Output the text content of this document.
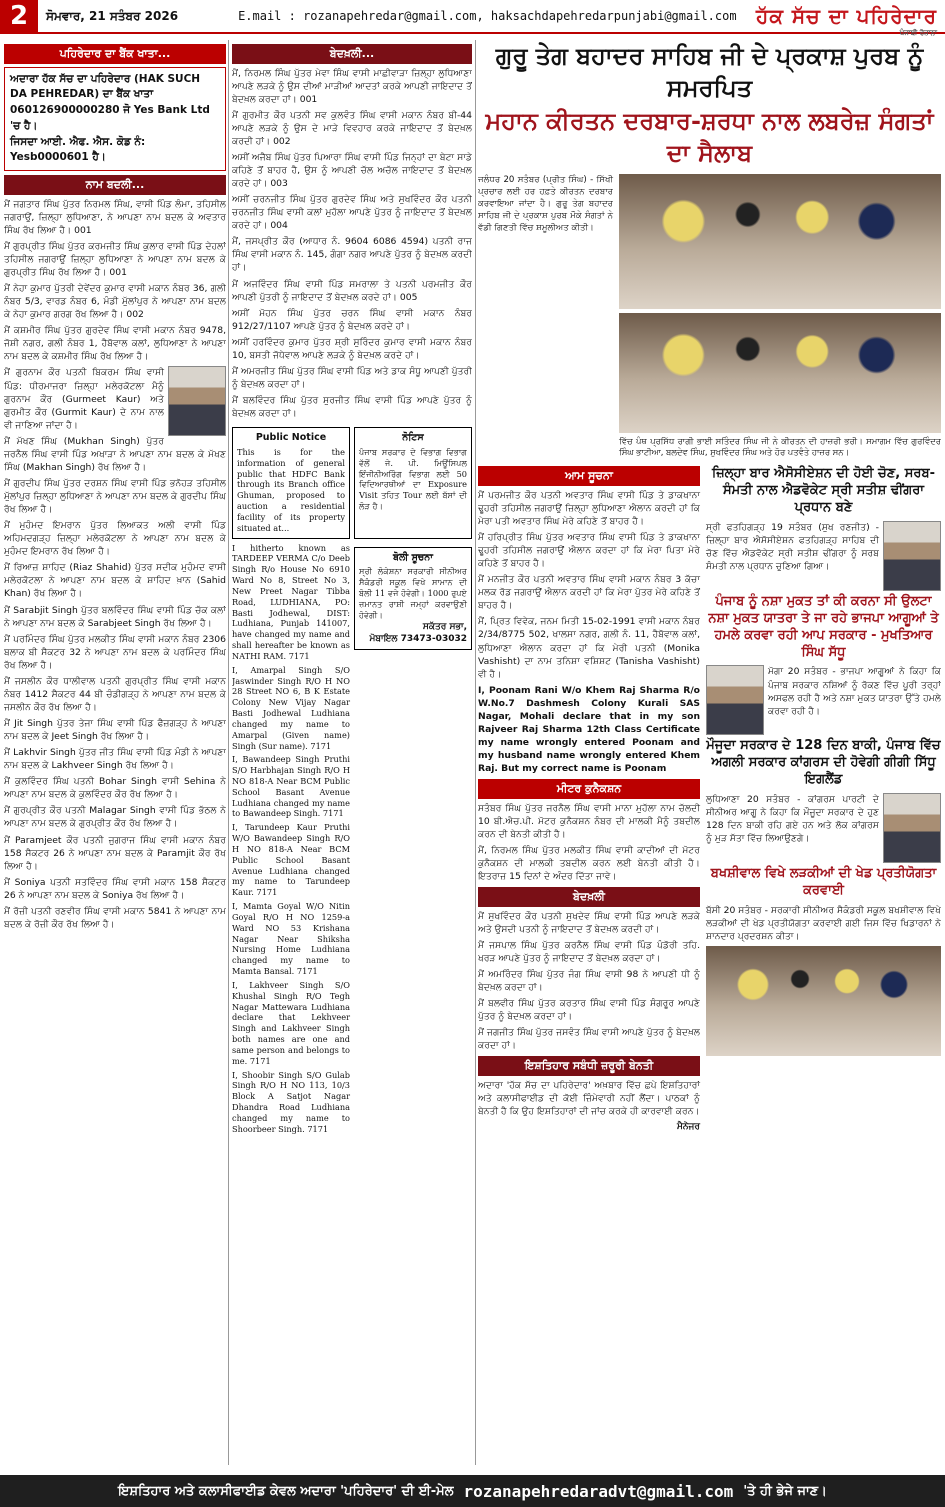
2	ਸੋਮਵਾਰ, 21 ਸਤੰਬਰ 2026	E.mail : rozanapehredar@gmail.com, haksachdapehredarpunjabi@gmail.com ਹੱਕ ਸੱਚ ਦਾ ਪਹਿਰੇਦਾਰ
ਪੰਜਾਬੀ ਰੋਜ਼ਾਨਾ
ਪਹਿਰੇਦਾਰ ਦਾ ਬੈਂਕ ਖਾਤਾ...
ਅਦਾਰਾ ਹੱਕ ਸੱਚ ਦਾ ਪਹਿਰੇਦਾਰ (HAK SUCH DA PEHREDAR) ਦਾ ਬੈਂਕ ਖਾਤਾ
060126900000280 ਜੋ Yes Bank Ltd 'ਚ ਹੈ।
ਜਿਸਦਾ ਆਈ. ਐਫ. ਐਸ. ਕੋਡ ਨੰ: Yesb0000601 ਹੈ।
ਨਾਮ ਬਦਲੀ...

ਮੈਂ ਜਗਤਾਰ ਸਿੰਘ ਪੁੱਤਰ ਨਿਰਮਲ ਸਿੰਘ, ਵਾਸੀ ਪਿੰਡ ਲੰਮਾ, ਤਹਿਸੀਲ ਜਗਰਾਉਂ, ਜ਼ਿਲ੍ਹਾ ਲੁਧਿਆਣਾ, ਨੇ ਆਪਣਾ ਨਾਮ ਬਦਲ ਕੇ ਅਵਤਾਰ ਸਿੰਘ ਰੱਖ ਲਿਆ ਹੈ। 001

ਮੈਂ ਗੁਰਪ੍ਰੀਤ ਸਿੰਘ ਪੁੱਤਰ ਕਰਮਜੀਤ ਸਿੰਘ ਕੁਲਾਰ ਵਾਸੀ ਪਿੰਡ ਦੇਹਲਾਂ ਤਹਿਸੀਲ ਜਗਰਾਉਂ ਜ਼ਿਲ੍ਹਾ ਲੁਧਿਆਣਾ ਨੇ ਆਪਣਾ ਨਾਮ ਬਦਲ ਕੇ ਗੁਰਪ੍ਰੀਤ ਸਿੰਘ ਰੱਖ ਲਿਆ ਹੈ। 001

ਮੈਂ ਨੇਹਾ ਕੁਮਾਰ ਪੁੱਤਰੀ ਦੇਵੇਂਦਰ ਕੁਮਾਰ ਵਾਸੀ ਮਕਾਨ ਨੰਬਰ 36, ਗਲੀ ਨੰਬਰ 5/3, ਵਾਰਡ ਨੰਬਰ 6, ਮੰਡੀ ਮੁੱਲਾਂਪੁਰ ਨੇ ਆਪਣਾ ਨਾਮ ਬਦਲ ਕੇ ਨੇਹਾ ਕੁਮਾਰ ਗਰਗ ਰੱਖ ਲਿਆ ਹੈ। 002

ਮੈਂ ਕਸ਼ਮੀਰ ਸਿੰਘ ਪੁੱਤਰ ਗੁਰਦੇਵ ਸਿੰਘ ਵਾਸੀ ਮਕਾਨ ਨੰਬਰ 9478, ਜੋਸ਼ੀ ਨਗਰ, ਗਲੀ ਨੰਬਰ 1, ਹੈਬੋਵਾਲ ਕਲਾਂ, ਲੁਧਿਆਣਾ ਨੇ ਆਪਣਾ ਨਾਮ ਬਦਲ ਕੇ ਕਸ਼ਮੀਰ ਸਿੰਘ ਰੱਖ ਲਿਆ ਹੈ।

ਮੈਂ ਗੁਰਨਾਮ ਕੌਰ ਪਤਨੀ ਬਿਕਰਮ ਸਿੰਘ ਵਾਸੀ ਪਿੰਡ: ਧੀਰਮਾਜਰਾ ਜ਼ਿਲ੍ਹਾ ਮਲੇਰਕੋਟਲਾ ਮੈਨੂੰ ਗੁਰਨਾਮ ਕੌਰ (Gurmeet Kaur) ਅਤੇ ਗੁਰਮੀਤ ਕੌਰ (Gurmit Kaur) ਦੇ ਨਾਮ ਨਾਲ ਵੀ ਜਾਣਿਆ ਜਾਂਦਾ ਹੈ।

ਮੈਂ ਮੱਖਣ ਸਿੰਘ (Mukhan Singh) ਪੁੱਤਰ ਜਰਨੈਲ ਸਿੰਘ ਵਾਸੀ ਪਿੰਡ ਅਖਾੜਾ ਨੇ ਆਪਣਾ ਨਾਮ ਬਦਲ ਕੇ ਮੱਖਣ ਸਿੰਘ (Makhan Singh) ਰੱਖ ਲਿਆ ਹੈ।

ਮੈਂ ਗੁਰਦੀਪ ਸਿੰਘ ਪੁੱਤਰ ਦਰਸ਼ਨ ਸਿੰਘ ਵਾਸੀ ਪਿੰਡ ਭਨੋਹੜ ਤਹਿਸੀਲ ਮੁੱਲਾਂਪੁਰ ਜ਼ਿਲ੍ਹਾ ਲੁਧਿਆਣਾ ਨੇ ਆਪਣਾ ਨਾਮ ਬਦਲ ਕੇ ਗੁਰਦੀਪ ਸਿੰਘ ਰੱਖ ਲਿਆ ਹੈ।

ਮੈਂ ਮੁਹੰਮਦ ਇਮਰਾਨ ਪੁੱਤਰ ਲਿਆਕਤ ਅਲੀ ਵਾਸੀ ਪਿੰਡ ਅਹਿਮਦਗੜ੍ਹ ਜ਼ਿਲ੍ਹਾ ਮਲੇਰਕੋਟਲਾ ਨੇ ਆਪਣਾ ਨਾਮ ਬਦਲ ਕੇ ਮੁਹੰਮਦ ਇਮਰਾਨ ਰੱਖ ਲਿਆ ਹੈ।

ਮੈਂ ਰਿਆਜ਼ ਸ਼ਾਹਿਦ (Riaz Shahid) ਪੁੱਤਰ ਸਦੀਕ ਮੁਹੰਮਦ ਵਾਸੀ ਮਲੇਰਕੋਟਲਾ ਨੇ ਆਪਣਾ ਨਾਮ ਬਦਲ ਕੇ ਸ਼ਾਹਿਦ ਖ਼ਾਨ (Sahid Khan) ਰੱਖ ਲਿਆ ਹੈ।

ਮੈਂ Sarabjit Singh ਪੁੱਤਰ ਬਲਵਿੰਦਰ ਸਿੰਘ ਵਾਸੀ ਪਿੰਡ ਚੱਕ ਕਲਾਂ ਨੇ ਆਪਣਾ ਨਾਮ ਬਦਲ ਕੇ Sarabjeet Singh ਰੱਖ ਲਿਆ ਹੈ।

ਮੈਂ ਪਰਮਿੰਦਰ ਸਿੰਘ ਪੁੱਤਰ ਮਲਕੀਤ ਸਿੰਘ ਵਾਸੀ ਮਕਾਨ ਨੰਬਰ 2306 ਬਲਾਕ ਬੀ ਸੈਕਟਰ 32 ਨੇ ਆਪਣਾ ਨਾਮ ਬਦਲ ਕੇ ਪਰਮਿੰਦਰ ਸਿੰਘ ਰੱਖ ਲਿਆ ਹੈ।

ਮੈਂ ਜਸਲੀਨ ਕੌਰ ਧਾਲੀਵਾਲ ਪਤਨੀ ਗੁਰਪ੍ਰੀਤ ਸਿੰਘ ਵਾਸੀ ਮਕਾਨ ਨੰਬਰ 1412 ਸੈਕਟਰ 44 ਬੀ ਚੰਡੀਗੜ੍ਹ ਨੇ ਆਪਣਾ ਨਾਮ ਬਦਲ ਕੇ ਜਸਲੀਨ ਕੌਰ ਰੱਖ ਲਿਆ ਹੈ।

ਮੈਂ Jit Singh ਪੁੱਤਰ ਤੇਜਾ ਸਿੰਘ ਵਾਸੀ ਪਿੰਡ ਫੈਜ਼ਗੜ੍ਹ ਨੇ ਆਪਣਾ ਨਾਮ ਬਦਲ ਕੇ Jeet Singh ਰੱਖ ਲਿਆ ਹੈ।

ਮੈਂ Lakhvir Singh ਪੁੱਤਰ ਜੀਤ ਸਿੰਘ ਵਾਸੀ ਪਿੰਡ ਮੰਡੀ ਨੇ ਆਪਣਾ ਨਾਮ ਬਦਲ ਕੇ Lakhveer Singh ਰੱਖ ਲਿਆ ਹੈ।

ਮੈਂ ਕੁਲਵਿੰਦਰ ਸਿੰਘ ਪਤਨੀ Bohar Singh ਵਾਸੀ Sehina ਨੇ ਆਪਣਾ ਨਾਮ ਬਦਲ ਕੇ ਕੁਲਵਿੰਦਰ ਕੌਰ ਰੱਖ ਲਿਆ ਹੈ।

ਮੈਂ ਗੁਰਪ੍ਰੀਤ ਕੌਰ ਪਤਨੀ Malagar Singh ਵਾਸੀ ਪਿੰਡ ਭੱਠਲ ਨੇ ਆਪਣਾ ਨਾਮ ਬਦਲ ਕੇ ਗੁਰਪ੍ਰੀਤ ਕੌਰ ਰੱਖ ਲਿਆ ਹੈ।

ਮੈਂ Paramjeet ਕੌਰ ਪਤਨੀ ਜੁਗਰਾਜ ਸਿੰਘ ਵਾਸੀ ਮਕਾਨ ਨੰਬਰ 158 ਸੈਕਟਰ 26 ਨੇ ਆਪਣਾ ਨਾਮ ਬਦਲ ਕੇ Paramjit ਕੌਰ ਰੱਖ ਲਿਆ ਹੈ।

ਮੈਂ Soniya ਪਤਨੀ ਸਤਵਿੰਦਰ ਸਿੰਘ ਵਾਸੀ ਮਕਾਨ 158 ਸੈਕਟਰ 26 ਨੇ ਆਪਣਾ ਨਾਮ ਬਦਲ ਕੇ Soniya ਰੱਖ ਲਿਆ ਹੈ।

ਮੈਂ ਰੋਜ਼ੀ ਪਤਨੀ ਰਣਵੀਰ ਸਿੰਘ ਵਾਸੀ ਮਕਾਨ 5841 ਨੇ ਆਪਣਾ ਨਾਮ ਬਦਲ ਕੇ ਰੋਜ਼ੀ ਕੌਰ ਰੱਖ ਲਿਆ ਹੈ।

ਬੇਦਖ਼ਲੀ...

ਮੈਂ, ਨਿਰਮਲ ਸਿੰਘ ਪੁੱਤਰ ਮੇਵਾ ਸਿੰਘ ਵਾਸੀ ਮਾਛੀਵਾੜਾ ਜ਼ਿਲ੍ਹਾ ਲੁਧਿਆਣਾ ਆਪਣੇ ਲੜਕੇ ਨੂੰ ਉਸ ਦੀਆਂ ਮਾੜੀਆਂ ਆਦਤਾਂ ਕਰਕੇ ਆਪਣੀ ਜਾਇਦਾਦ ਤੋਂ ਬੇਦਖ਼ਲ ਕਰਦਾ ਹਾਂ। 001

ਮੈਂ ਗੁਰਮੀਤ ਕੌਰ ਪਤਨੀ ਸਵ ਕੁਲਵੰਤ ਸਿੰਘ ਵਾਸੀ ਮਕਾਨ ਨੰਬਰ ਬੀ-44 ਆਪਣੇ ਲੜਕੇ ਨੂੰ ਉਸ ਦੇ ਮਾੜੇ ਵਿਵਹਾਰ ਕਰਕੇ ਜਾਇਦਾਦ ਤੋਂ ਬੇਦਖ਼ਲ ਕਰਦੀ ਹਾਂ। 002

ਅਸੀਂ ਅਜੈਬ ਸਿੰਘ ਪੁੱਤਰ ਪਿਆਰਾ ਸਿੰਘ ਵਾਸੀ ਪਿੰਡ ਜਿਨ੍ਹਾਂ ਦਾ ਬੇਟਾ ਸਾਡੇ ਕਹਿਣੇ ਤੋਂ ਬਾਹਰ ਹੈ, ਉਸ ਨੂੰ ਆਪਣੀ ਚੱਲ ਅਚੱਲ ਜਾਇਦਾਦ ਤੋਂ ਬੇਦਖ਼ਲ ਕਰਦੇ ਹਾਂ। 003

ਅਸੀਂ ਚਰਨਜੀਤ ਸਿੰਘ ਪੁੱਤਰ ਗੁਰਦੇਵ ਸਿੰਘ ਅਤੇ ਸੁਖਵਿੰਦਰ ਕੌਰ ਪਤਨੀ ਚਰਨਜੀਤ ਸਿੰਘ ਵਾਸੀ ਕਲਾਂ ਮੁਹੱਲਾ ਆਪਣੇ ਪੁੱਤਰ ਨੂੰ ਜਾਇਦਾਦ ਤੋਂ ਬੇਦਖ਼ਲ ਕਰਦੇ ਹਾਂ। 004

ਮੈਂ, ਜਸਪ੍ਰੀਤ ਕੌਰ (ਆਧਾਰ ਨੰ. 9604 6086 4594) ਪਤਨੀ ਰਾਜ ਸਿੰਘ ਵਾਸੀ ਮਕਾਨ ਨੰ. 145, ਗੰਗਾ ਨਗਰ ਆਪਣੇ ਪੁੱਤਰ ਨੂੰ ਬੇਦਖ਼ਲ ਕਰਦੀ ਹਾਂ।

ਮੈਂ ਅਜਵਿੰਦਰ ਸਿੰਘ ਵਾਸੀ ਪਿੰਡ ਸਮਰਾਲਾ ਤੇ ਪਤਨੀ ਪਰਮਜੀਤ ਕੌਰ ਆਪਣੀ ਪੁੱਤਰੀ ਨੂੰ ਜਾਇਦਾਦ ਤੋਂ ਬੇਦਖ਼ਲ ਕਰਦੇ ਹਾਂ। 005

ਅਸੀਂ ਮੋਹਨ ਸਿੰਘ ਪੁੱਤਰ ਚਰਨ ਸਿੰਘ ਵਾਸੀ ਮਕਾਨ ਨੰਬਰ 912/27/1107 ਆਪਣੇ ਪੁੱਤਰ ਨੂੰ ਬੇਦਖ਼ਲ ਕਰਦੇ ਹਾਂ।

ਅਸੀਂ ਹਰਵਿੰਦਰ ਕੁਮਾਰ ਪੁੱਤਰ ਸ਼੍ਰੀ ਸੁਰਿੰਦਰ ਕੁਮਾਰ ਵਾਸੀ ਮਕਾਨ ਨੰਬਰ 10, ਬਸਤੀ ਜੋਧੇਵਾਲ ਆਪਣੇ ਲੜਕੇ ਨੂੰ ਬੇਦਖ਼ਲ ਕਰਦੇ ਹਾਂ।

ਮੈਂ ਅਮਰਜੀਤ ਸਿੰਘ ਪੁੱਤਰ ਸਿੰਘ ਵਾਸੀ ਪਿੰਡ ਅਤੇ ਡਾਕ ਸੰਧੂ ਆਪਣੀ ਪੁੱਤਰੀ ਨੂੰ ਬੇਦਖ਼ਲ ਕਰਦਾ ਹਾਂ।

ਮੈਂ ਬਲਵਿੰਦਰ ਸਿੰਘ ਪੁੱਤਰ ਸੁਰਜੀਤ ਸਿੰਘ ਵਾਸੀ ਪਿੰਡ ਆਪਣੇ ਪੁੱਤਰ ਨੂੰ ਬੇਦਖ਼ਲ ਕਰਦਾ ਹਾਂ।

Public Notice
This is for the information of general public that HDFC Bank through its Branch office Ghuman, proposed to auction a residential facility of its property situated at...
ਨੋਟਿਸ
ਪੰਜਾਬ ਸਰਕਾਰ ਦੇ ਵਿਭਾਗ ਵਿਭਾਗ ਵੱਲੋਂ ਜੇ. ਪੀ. ਮਿਊਂਸਿਪਲ ਇੰਜੀਨੀਅਰਿੰਗ ਵਿਭਾਗ ਲਈ 50 ਵਿਦਿਆਰਥੀਆਂ ਦਾ Exposure Visit ਤਹਿਤ Tour ਲਈ ਬੱਸਾਂ ਦੀ ਲੋੜ ਹੈ।

I hitherto known as TARDEEP VERMA C/o Deeb Singh R/o House No 6910 Ward No 8, Street No 3, New Preet Nagar Tibba Road, LUDHIANA, PO: Basti Jodhewal, DIST: Ludhiana, Punjab 141007, have changed my name and shall hereafter be known as NATHI RAM. 7171

I, Amarpal Singh S/O Jaswinder Singh R/O H NO 28 Street NO 6, B K Estate Colony New Vijay Nagar Basti Jodhewal Ludhiana changed my name to Amarpal (Given name) Singh (Sur name). 7171

I, Bawandeep Singh Pruthi S/O Harbhajan Singh R/O H NO 818-A Near BCM Public School Basant Avenue Ludhiana changed my name to Bawandeep Singh. 7171

I, Tarundeep Kaur Pruthi W/O Bawandeep Singh R/O H NO 818-A Near BCM Public School Basant Avenue Ludhiana changed my name to Tarundeep Kaur. 7171

I, Mamta Goyal W/O Nitin Goyal R/O H NO 1259-a Ward NO 53 Krishana Nagar Near Shiksha Nursing Home Ludhiana changed my name to Mamta Bansal. 7171

I, Lakhveer Singh S/O Khushal Singh R/O Tegh Nagar Mattewara Ludhiana declare that Lekhveer Singh and Lakhveer Singh both names are one and same person and belongs to me. 7171

I, Shoobir Singh S/O Gulab Singh R/O H NO 113, 10/3 Block A Satjot Nagar Dhandra Road Ludhiana changed my name to Shoorbeer Singh. 7171

ਬੋਲੀ ਸੂਚਨਾ
ਸ੍ਰੀ ਲੋਕੇਸ਼ਨਾ ਸਰਕਾਰੀ ਸੀਨੀਅਰ ਸੈਕੰਡਰੀ ਸਕੂਲ ਵਿਖੇ ਸਾਮਾਨ ਦੀ ਬੋਲੀ 11 ਵਜੇ ਹੋਵੇਗੀ। 1000 ਰੁਪਏ ਜ਼ਮਾਨਤ ਰਾਸ਼ੀ ਜਮ੍ਹਾਂ ਕਰਵਾਉਣੀ ਹੋਵੇਗੀ।
ਸਕੱਤਰ ਸਭਾ,
ਮੋਬਾਇਲ 73473-03032
ਗੁਰੂ ਤੇਗ ਬਹਾਦਰ ਸਾਹਿਬ ਜੀ ਦੇ ਪ੍ਰਕਾਸ਼ ਪੁਰਬ ਨੂੰ ਸਮਰਪਿਤ
ਮਹਾਨ ਕੀਰਤਨ ਦਰਬਾਰ-ਸ਼ਰਧਾ ਨਾਲ ਲਬਰੇਜ਼ ਸੰਗਤਾਂ ਦਾ ਸੈਲਾਬ

ਜਲੰਧਰ 20 ਸਤੰਬਰ (ਪ੍ਰੀਤ ਸਿੰਘ) - ਸਿੱਖੀ ਪ੍ਰਚਾਰ ਲਈ ਹਰ ਹਫ਼ਤੇ ਕੀਰਤਨ ਦਰਬਾਰ ਕਰਵਾਇਆ ਜਾਂਦਾ ਹੈ। ਗੁਰੂ ਤੇਗ ਬਹਾਦਰ ਸਾਹਿਬ ਜੀ ਦੇ ਪ੍ਰਕਾਸ਼ ਪੁਰਬ ਮੌਕੇ ਸੰਗਤਾਂ ਨੇ ਵੱਡੀ ਗਿਣਤੀ ਵਿੱਚ ਸ਼ਮੂਲੀਅਤ ਕੀਤੀ।

ਵਿੱਚ ਪੰਥ ਪ੍ਰਸਿੱਧ ਰਾਗੀ ਭਾਈ ਸਤਿੰਦਰ ਸਿੰਘ ਜੀ ਨੇ ਕੀਰਤਨ ਦੀ ਹਾਜ਼ਰੀ ਭਰੀ। ਸਮਾਗਮ ਵਿੱਚ ਗੁਰਵਿੰਦਰ ਸਿੰਘ ਭਾਟੀਆ, ਬਲਦੇਵ ਸਿੰਘ, ਸੁਖਵਿੰਦਰ ਸਿੰਘ ਅਤੇ ਹੋਰ ਪਤਵੰਤੇ ਹਾਜ਼ਰ ਸਨ।

ਆਮ ਸੂਚਨਾ

ਮੈਂ ਪਰਮਜੀਤ ਕੌਰ ਪਤਨੀ ਅਵਤਾਰ ਸਿੰਘ ਵਾਸੀ ਪਿੰਡ ਤੇ ਡਾਕਖਾਨਾ ਢੂਹਰੀ ਤਹਿਸੀਲ ਜਗਰਾਉਂ ਜ਼ਿਲ੍ਹਾ ਲੁਧਿਆਣਾ ਐਲਾਨ ਕਰਦੀ ਹਾਂ ਕਿ ਮੇਰਾ ਪਤੀ ਅਵਤਾਰ ਸਿੰਘ ਮੇਰੇ ਕਹਿਣੇ ਤੋਂ ਬਾਹਰ ਹੈ।

ਮੈਂ ਹਰਿਪ੍ਰੀਤ ਸਿੰਘ ਪੁੱਤਰ ਅਵਤਾਰ ਸਿੰਘ ਵਾਸੀ ਪਿੰਡ ਤੇ ਡਾਕਖਾਨਾ ਢੂਹਰੀ ਤਹਿਸੀਲ ਜਗਰਾਉਂ ਐਲਾਨ ਕਰਦਾ ਹਾਂ ਕਿ ਮੇਰਾ ਪਿਤਾ ਮੇਰੇ ਕਹਿਣੇ ਤੋਂ ਬਾਹਰ ਹੈ।

ਮੈਂ ਮਨਜੀਤ ਕੌਰ ਪਤਨੀ ਅਵਤਾਰ ਸਿੰਘ ਵਾਸੀ ਮਕਾਨ ਨੰਬਰ 3 ਕੱਚਾ ਮਲਕ ਰੋਡ ਜਗਰਾਉਂ ਐਲਾਨ ਕਰਦੀ ਹਾਂ ਕਿ ਮੇਰਾ ਪੁੱਤਰ ਮੇਰੇ ਕਹਿਣੇ ਤੋਂ ਬਾਹਰ ਹੈ।

ਮੈਂ, ਪ੍ਰਿਤ ਵਿਵੇਕ, ਜਨਮ ਮਿਤੀ 15-02-1991 ਵਾਸੀ ਮਕਾਨ ਨੰਬਰ 2/34/8775 502, ਖਾਲਸਾ ਨਗਰ, ਗਲੀ ਨੰ. 11, ਹੈਬੋਵਾਲ ਕਲਾਂ, ਲੁਧਿਆਣਾ ਐਲਾਨ ਕਰਦਾ ਹਾਂ ਕਿ ਮੇਰੀ ਪਤਨੀ (Monika Vashisht) ਦਾ ਨਾਮ ਤਨਿਸ਼ਾ ਵਸ਼ਿਸ਼ਟ (Tanisha Vashisht) ਵੀ ਹੈ।

I, Poonam Rani W/o Khem Raj Sharma R/o W.No.7 Dashmesh Colony Kurali SAS Nagar, Mohali declare that in my son Rajveer Raj Sharma 12th Class Certificate my name wrongly entered Poonam and my husband name wrongly entered Khem Raj. But my correct name is Poonam

ਮੀਟਰ ਕੁਨੈਕਸ਼ਨ

ਸਤੰਬਰ ਸਿੰਘ ਪੁੱਤਰ ਜਰਨੈਲ ਸਿੰਘ ਵਾਸੀ ਮਾਨਾ ਮੁਹੱਲਾ ਨਾਮ ਚੱਲਦੀ 10 ਬੀ.ਐਚ.ਪੀ. ਮੋਟਰ ਕੁਨੈਕਸ਼ਨ ਨੰਬਰ ਦੀ ਮਾਲਕੀ ਮੈਨੂੰ ਤਬਦੀਲ ਕਰਨ ਦੀ ਬੇਨਤੀ ਕੀਤੀ ਹੈ।

ਮੈਂ, ਨਿਰਮਲ ਸਿੰਘ ਪੁੱਤਰ ਮਲਕੀਤ ਸਿੰਘ ਵਾਸੀ ਕਾਦੀਆਂ ਦੀ ਮੋਟਰ ਕੁਨੈਕਸ਼ਨ ਦੀ ਮਾਲਕੀ ਤਬਦੀਲ ਕਰਨ ਲਈ ਬੇਨਤੀ ਕੀਤੀ ਹੈ। ਇਤਰਾਜ਼ 15 ਦਿਨਾਂ ਦੇ ਅੰਦਰ ਦਿੱਤਾ ਜਾਵੇ।

ਬੇਦਖ਼ਲੀ

ਮੈਂ ਸੁਖਵਿੰਦਰ ਕੌਰ ਪਤਨੀ ਸੁਖਦੇਵ ਸਿੰਘ ਵਾਸੀ ਪਿੰਡ ਆਪਣੇ ਲੜਕੇ ਅਤੇ ਉਸਦੀ ਪਤਨੀ ਨੂੰ ਜਾਇਦਾਦ ਤੋਂ ਬੇਦਖ਼ਲ ਕਰਦੀ ਹਾਂ।

ਮੈਂ ਜਸਪਾਲ ਸਿੰਘ ਪੁੱਤਰ ਕਰਨੈਲ ਸਿੰਘ ਵਾਸੀ ਪਿੰਡ ਪੰਡੋਰੀ ਤਹਿ. ਖਰੜ ਆਪਣੇ ਪੁੱਤਰ ਨੂੰ ਜਾਇਦਾਦ ਤੋਂ ਬੇਦਖ਼ਲ ਕਰਦਾ ਹਾਂ।

ਮੈਂ ਅਮਰਿੰਦਰ ਸਿੰਘ ਪੁੱਤਰ ਜੰਗ ਸਿੰਘ ਵਾਸੀ 98 ਨੇ ਆਪਣੀ ਧੀ ਨੂੰ ਬੇਦਖ਼ਲ ਕਰਦਾ ਹਾਂ।

ਮੈਂ ਬਲਵੀਰ ਸਿੰਘ ਪੁੱਤਰ ਕਰਤਾਰ ਸਿੰਘ ਵਾਸੀ ਪਿੰਡ ਸੰਗਰੂਰ ਆਪਣੇ ਪੁੱਤਰ ਨੂੰ ਬੇਦਖ਼ਲ ਕਰਦਾ ਹਾਂ।

ਮੈਂ ਜਗਜੀਤ ਸਿੰਘ ਪੁੱਤਰ ਜਸਵੰਤ ਸਿੰਘ ਵਾਸੀ ਆਪਣੇ ਪੁੱਤਰ ਨੂੰ ਬੇਦਖ਼ਲ ਕਰਦਾ ਹਾਂ।

ਇਸ਼ਤਿਹਾਰ ਸਬੰਧੀ ਜ਼ਰੂਰੀ ਬੇਨਤੀ

ਅਦਾਰਾ 'ਹੱਕ ਸੱਚ ਦਾ ਪਹਿਰੇਦਾਰ' ਅਖ਼ਬਾਰ ਵਿੱਚ ਛਪੇ ਇਸ਼ਤਿਹਾਰਾਂ ਅਤੇ ਕਲਾਸੀਫਾਈਡ ਦੀ ਕੋਈ ਜ਼ਿੰਮੇਵਾਰੀ ਨਹੀਂ ਲੈਂਦਾ। ਪਾਠਕਾਂ ਨੂੰ ਬੇਨਤੀ ਹੈ ਕਿ ਉਹ ਇਸ਼ਤਿਹਾਰਾਂ ਦੀ ਜਾਂਚ ਕਰਕੇ ਹੀ ਕਾਰਵਾਈ ਕਰਨ।

ਮੈਨੇਜਰ
ਜ਼ਿਲ੍ਹਾ ਬਾਰ ਐਸੋਸੀਏਸ਼ਨ ਦੀ ਹੋਈ ਚੋਣ, ਸਰਬ-ਸੰਮਤੀ ਨਾਲ ਐਡਵੋਕੇਟ ਸ੍ਰੀ ਸਤੀਸ਼ ਢੀਂਗਰਾ ਪ੍ਰਧਾਨ ਬਣੇ

ਸ੍ਰੀ ਫਤਹਿਗੜ੍ਹ 19 ਸਤੰਬਰ (ਸੁਖ ਰਣਜੀਤ) - ਜ਼ਿਲ੍ਹਾ ਬਾਰ ਐਸੋਸੀਏਸ਼ਨ ਫਤਹਿਗੜ੍ਹ ਸਾਹਿਬ ਦੀ ਚੋਣ ਵਿੱਚ ਐਡਵੋਕੇਟ ਸ੍ਰੀ ਸਤੀਸ਼ ਢੀਂਗਰਾ ਨੂੰ ਸਰਬ ਸੰਮਤੀ ਨਾਲ ਪ੍ਰਧਾਨ ਚੁਣਿਆ ਗਿਆ।

ਪੰਜਾਬ ਨੂੰ ਨਸ਼ਾ ਮੁਕਤ ਤਾਂ ਕੀ ਕਰਨਾ ਸੀ ਉਲਟਾ ਨਸ਼ਾ ਮੁਕਤ ਯਾਤਰਾ ਤੇ ਜਾ ਰਹੇ ਭਾਜਪਾ ਆਗੂਆਂ ਤੇ ਹਮਲੇ ਕਰਵਾ ਰਹੀ ਆਪ ਸਰਕਾਰ - ਮੁਖਤਿਆਰ ਸਿੰਘ ਸੱਧੂ

ਮੋਗਾ 20 ਸਤੰਬਰ - ਭਾਜਪਾ ਆਗੂਆਂ ਨੇ ਕਿਹਾ ਕਿ ਪੰਜਾਬ ਸਰਕਾਰ ਨਸ਼ਿਆਂ ਨੂੰ ਰੋਕਣ ਵਿੱਚ ਪੂਰੀ ਤਰ੍ਹਾਂ ਅਸਫਲ ਰਹੀ ਹੈ ਅਤੇ ਨਸ਼ਾ ਮੁਕਤ ਯਾਤਰਾ ਉੱਤੇ ਹਮਲੇ ਕਰਵਾ ਰਹੀ ਹੈ।

ਮੌਜੂਦਾ ਸਰਕਾਰ ਦੇ 128 ਦਿਨ ਬਾਕੀ, ਪੰਜਾਬ ਵਿੱਚ ਅਗਲੀ ਸਰਕਾਰ ਕਾਂਗਰਸ ਦੀ ਹੋਵੇਗੀ ਗੀਗੀ ਸਿੱਧੂ ਇਗਲੈਂਡ

ਲੁਧਿਆਣਾ 20 ਸਤੰਬਰ - ਕਾਂਗਰਸ ਪਾਰਟੀ ਦੇ ਸੀਨੀਅਰ ਆਗੂ ਨੇ ਕਿਹਾ ਕਿ ਮੌਜੂਦਾ ਸਰਕਾਰ ਦੇ ਹੁਣ 128 ਦਿਨ ਬਾਕੀ ਰਹਿ ਗਏ ਹਨ ਅਤੇ ਲੋਕ ਕਾਂਗਰਸ ਨੂੰ ਮੁੜ ਸੱਤਾ ਵਿੱਚ ਲਿਆਉਣਗੇ।

ਬਖਸ਼ੀਵਾਲ ਵਿਖੇ ਲੜਕੀਆਂ ਦੀ ਖੇਡ ਪ੍ਰਤੀਯੋਗਤਾ ਕਰਵਾਈ

ਬੱਸੀ 20 ਸਤੰਬਰ - ਸਰਕਾਰੀ ਸੀਨੀਅਰ ਸੈਕੰਡਰੀ ਸਕੂਲ ਬਖਸ਼ੀਵਾਲ ਵਿਖੇ ਲੜਕੀਆਂ ਦੀ ਖੇਡ ਪ੍ਰਤੀਯੋਗਤਾ ਕਰਵਾਈ ਗਈ ਜਿਸ ਵਿੱਚ ਖਿਡਾਰਨਾਂ ਨੇ ਸ਼ਾਨਦਾਰ ਪ੍ਰਦਰਸ਼ਨ ਕੀਤਾ।

ਇਸ਼ਤਿਹਾਰ ਅਤੇ ਕਲਾਸੀਫਾਈਡ ਕੇਵਲ ਅਦਾਰਾ 'ਪਹਿਰੇਦਾਰ' ਦੀ ਈ-ਮੇਲ rozanapehredaradvt@gmail.com 'ਤੇ ਹੀ ਭੇਜੇ ਜਾਣ।
